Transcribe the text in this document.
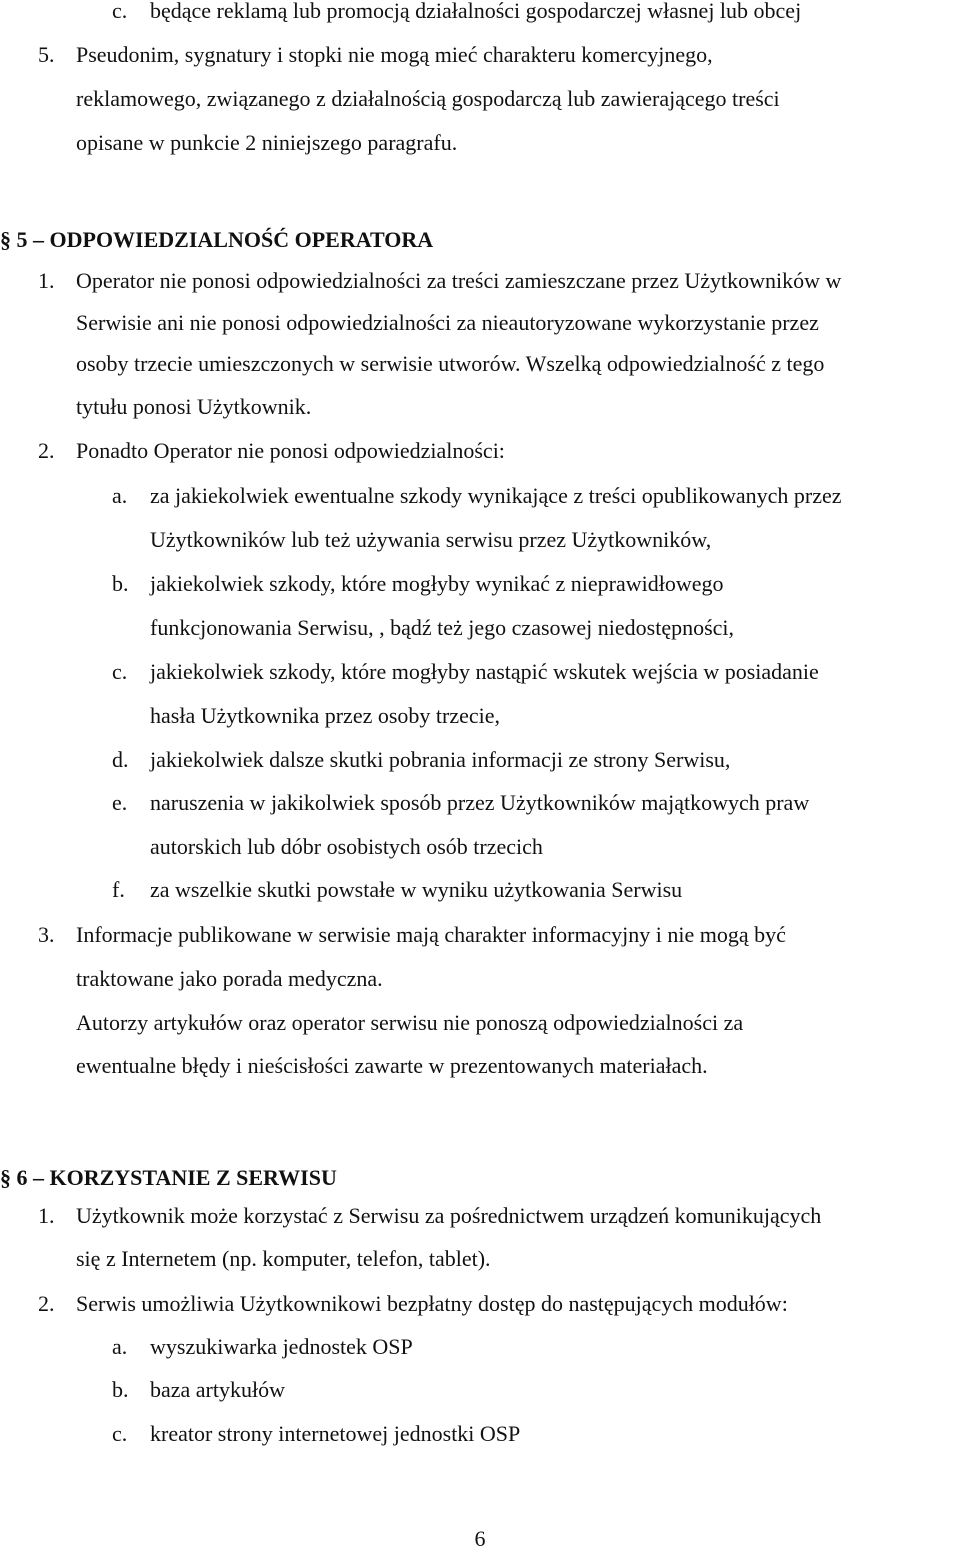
c. będące reklamą lub promocją działalności gospodarczej własnej lub obcej
5. Pseudonim, sygnatury i stopki nie mogą mieć charakteru komercyjnego,
reklamowego, związanego z działalnością gospodarczą lub zawierającego treści
opisane w punkcie 2 niniejszego paragrafu.
§ 5 – ODPOWIEDZIALNOŚĆ OPERATORA
1. Operator nie ponosi odpowiedzialności za treści zamieszczane przez Użytkowników w
Serwisie ani nie ponosi odpowiedzialności za nieautoryzowane wykorzystanie przez
osoby trzecie umieszczonych w serwisie utworów. Wszelką odpowiedzialność z tego
tytułu ponosi Użytkownik.
2. Ponadto Operator nie ponosi odpowiedzialności:
a. za jakiekolwiek ewentualne szkody wynikające z treści opublikowanych przez
Użytkowników lub też używania serwisu przez Użytkowników,
b. jakiekolwiek szkody, które mogłyby wynikać z nieprawidłowego
funkcjonowania Serwisu, , bądź też jego czasowej niedostępności,
c. jakiekolwiek szkody, które mogłyby nastąpić wskutek wejścia w posiadanie
hasła Użytkownika przez osoby trzecie,
d. jakiekolwiek dalsze skutki pobrania informacji ze strony Serwisu,
e. naruszenia w jakikolwiek sposób przez Użytkowników majątkowych praw
autorskich lub dóbr osobistych osób trzecich
f. za wszelkie skutki powstałe w wyniku użytkowania Serwisu
3. Informacje publikowane w serwisie mają charakter informacyjny i nie mogą być
traktowane jako porada medyczna.
Autorzy artykułów oraz operator serwisu nie ponoszą odpowiedzialności za
ewentualne błędy i nieścisłości zawarte w prezentowanych materiałach.
§ 6 – KORZYSTANIE Z SERWISU
1. Użytkownik może korzystać z Serwisu za pośrednictwem urządzeń komunikujących
się z Internetem (np. komputer, telefon, tablet).
2. Serwis umożliwia Użytkownikowi bezpłatny dostęp do następujących modułów:
a. wyszukiwarka jednostek OSP
b. baza artykułów
c. kreator strony internetowej jednostki OSP
6
